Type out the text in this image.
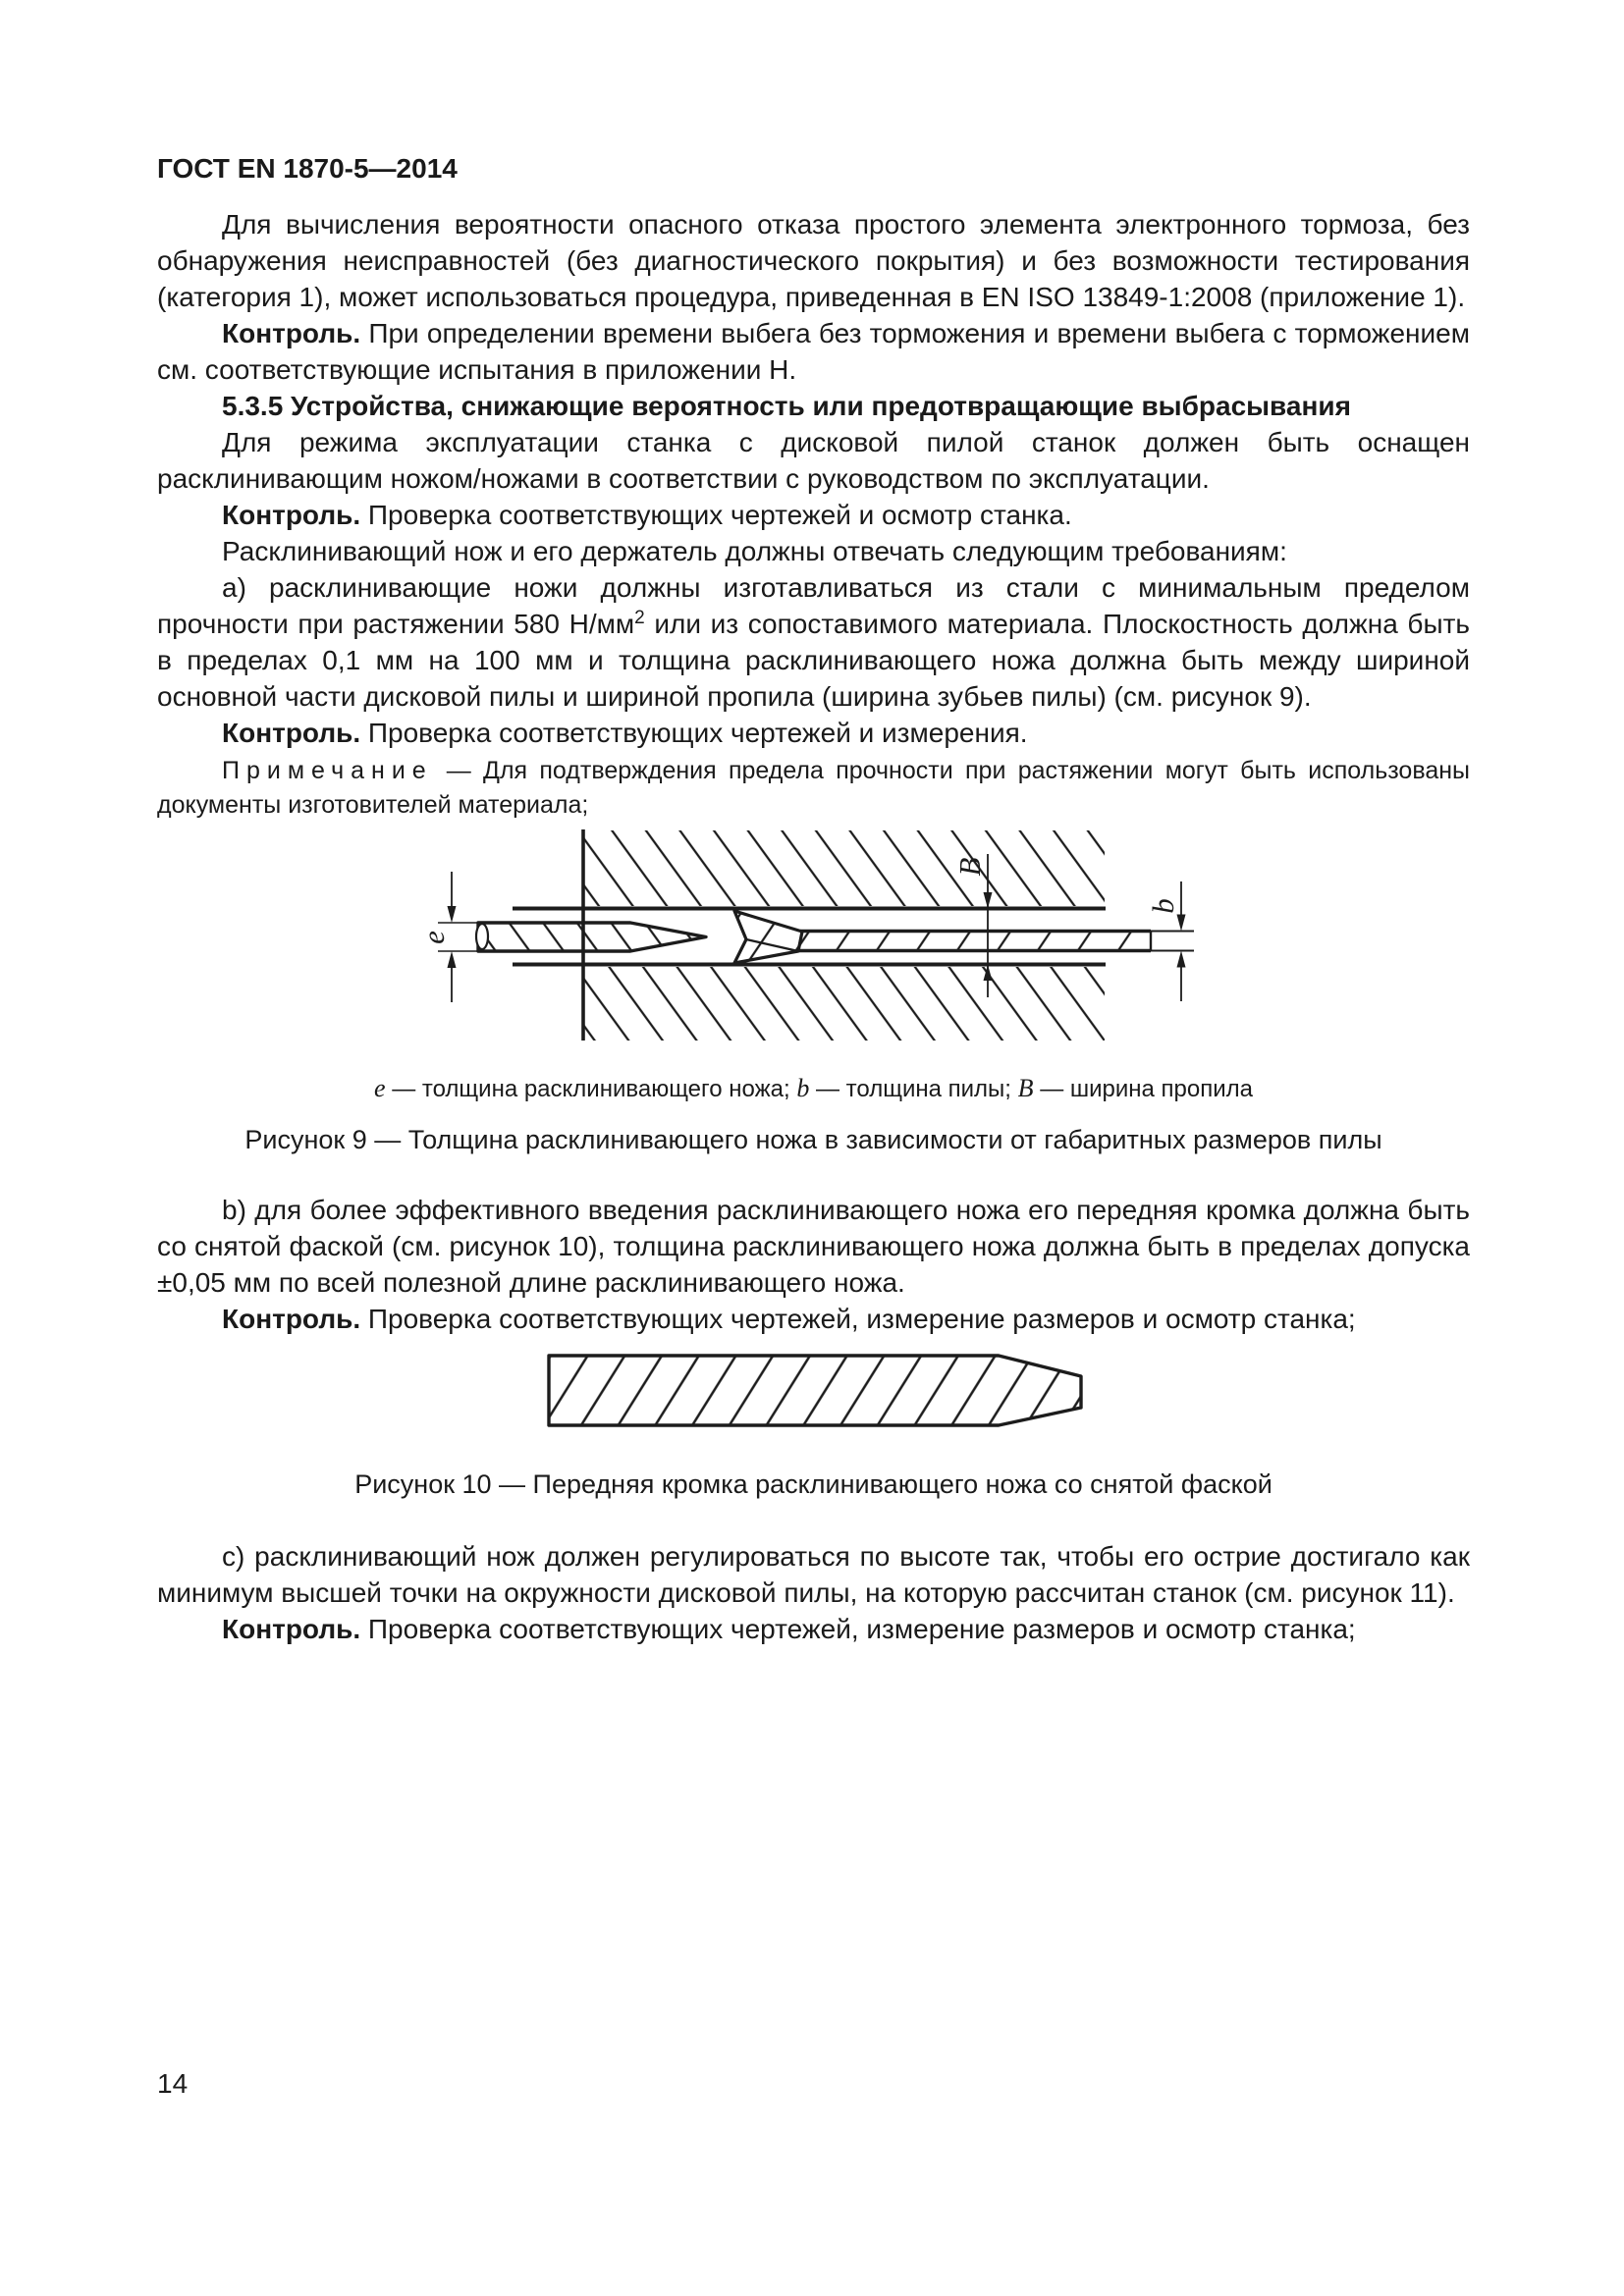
ГОСТ EN 1870-5—2014

Для вычисления вероятности опасного отказа простого элемента электронного тормоза, без обнаружения неисправностей (без диагностического покрытия) и без возможности тестирования (категория 1), может использоваться процедура, приведенная в EN ISO 13849-1:2008 (приложение 1).

Контроль. При определении времени выбега без торможения и времени выбега с торможением см. соответствующие испытания в приложении Н.

5.3.5 Устройства, снижающие вероятность или предотвращающие выбрасывания

Для режима эксплуатации станка с дисковой пилой станок должен быть оснащен расклинивающим ножом/ножами в соответствии с руководством по эксплуатации.

Контроль. Проверка соответствующих чертежей и осмотр станка.

Расклинивающий нож и его держатель должны отвечать следующим требованиям:

a) расклинивающие ножи должны изготавливаться из стали с минимальным пределом прочности при растяжении 580 $Н/мм^2$ или из сопоставимого материала. Плоскостность должна быть в пределах 0,1 мм на 100 мм и толщина расклинивающего ножа должна быть между шириной основной части дисковой пилы и шириной пропила (ширина зубьев пилы) (см. рисунок 9).

Контроль. Проверка соответствующих чертежей и измерения.

Примечание — Для подтверждения предела прочности при растяжении могут быть использованы документы изготовителей материала;

e
B
b
e — толщина расклинивающего ножа; b — толщина пилы; B — ширина пропила

Рисунок 9 — Толщина расклинивающего ножа в зависимости от габаритных размеров пилы

b) для более эффективного введения расклинивающего ножа его передняя кромка должна быть со снятой фаской (см. рисунок 10), толщина расклинивающего ножа должна быть в пределах допуска ±0,05 мм по всей полезной длине расклинивающего ножа.

Контроль. Проверка соответствующих чертежей, измерение размеров и осмотр станка;

Рисунок 10 — Передняя кромка расклинивающего ножа со снятой фаской

c) расклинивающий нож должен регулироваться по высоте так, чтобы его острие достигало как минимум высшей точки на окружности дисковой пилы, на которую рассчитан станок (см. рисунок 11).

Контроль. Проверка соответствующих чертежей, измерение размеров и осмотр станка;

14
